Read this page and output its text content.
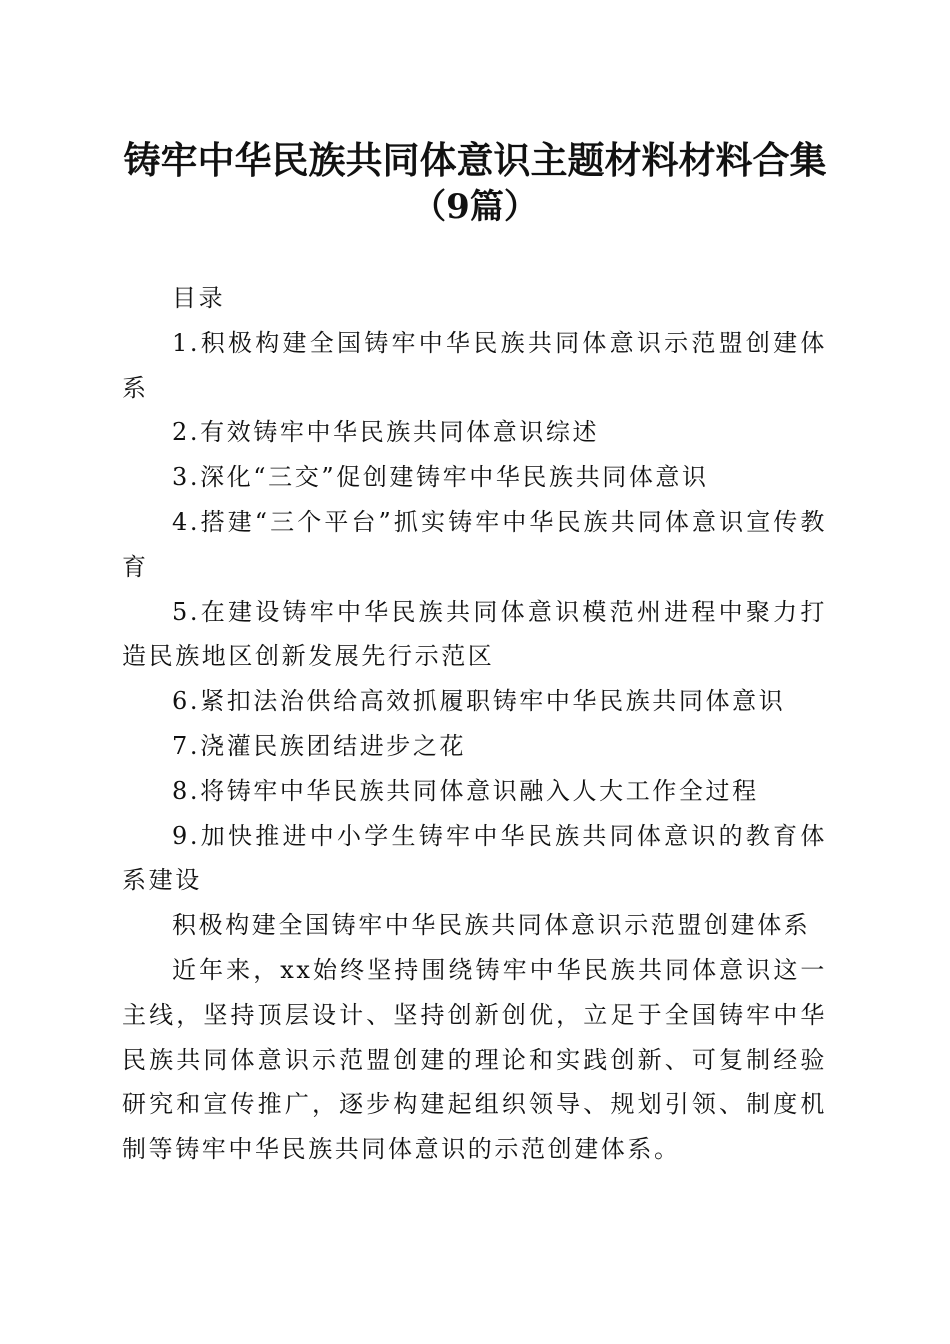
铸牢中华民族共同体意识主题材料材料合集
（9篇）

目录

1.积极构建全国铸牢中华民族共同体意识示范盟创建体系

2.有效铸牢中华民族共同体意识综述

3.深化“三交”促创建铸牢中华民族共同体意识

4.搭建“三个平台”抓实铸牢中华民族共同体意识宣传教育

5.在建设铸牢中华民族共同体意识模范州进程中聚力打造民族地区创新发展先行示范区

6.紧扣法治供给高效抓履职铸牢中华民族共同体意识

7.浇灌民族团结进步之花

8.将铸牢中华民族共同体意识融入人大工作全过程

9.加快推进中小学生铸牢中华民族共同体意识的教育体系建设

积极构建全国铸牢中华民族共同体意识示范盟创建体系

近年来，xx始终坚持围绕铸牢中华民族共同体意识这一主线，坚持顶层设计、坚持创新创优，立足于全国铸牢中华民族共同体意识示范盟创建的理论和实践创新、可复制经验研究和宣传推广，逐步构建起组织领导、规划引领、制度机制等铸牢中华民族共同体意识的示范创建体系。
